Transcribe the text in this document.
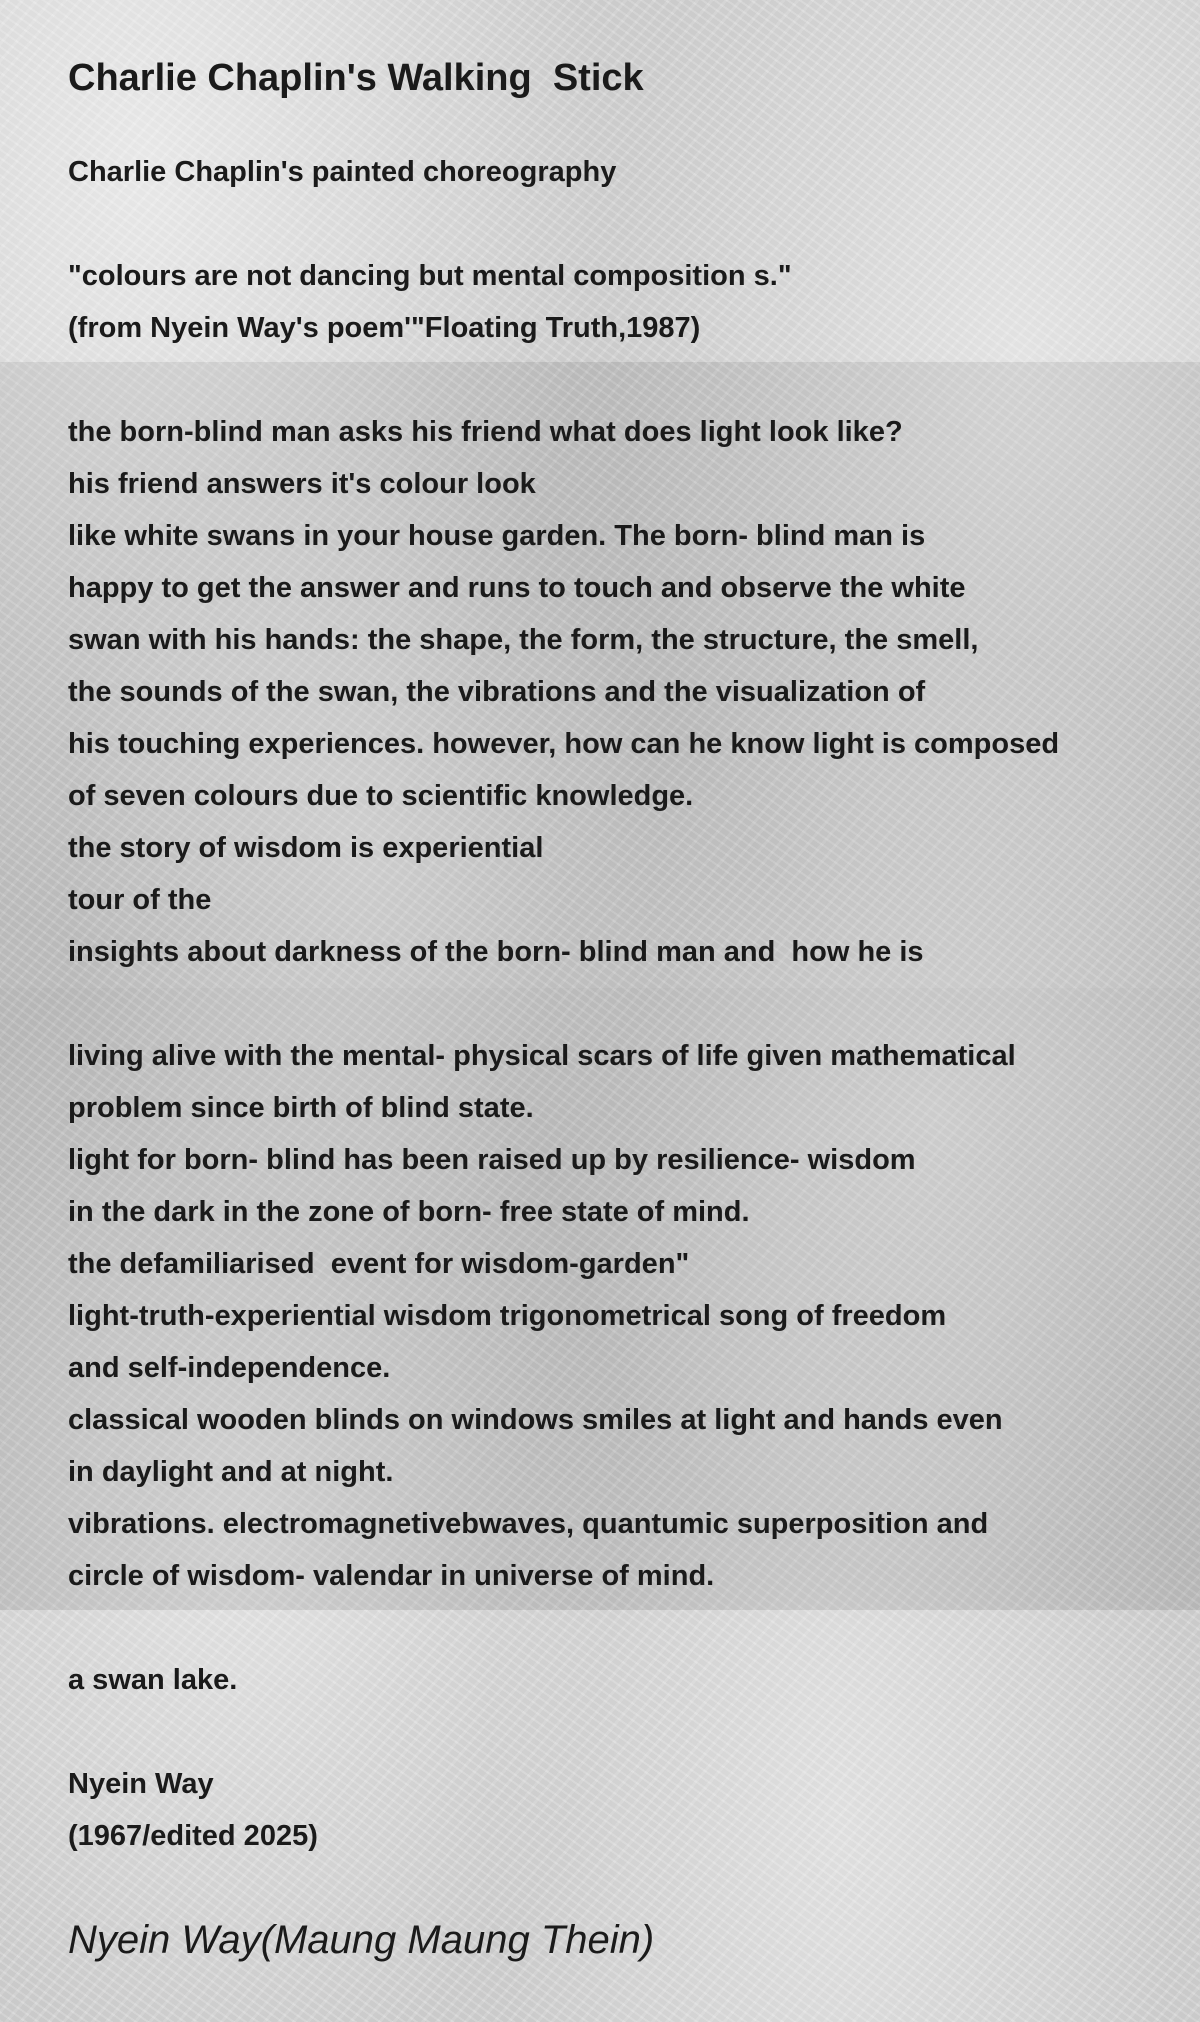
Charlie Chaplin's Walking  Stick
Charlie Chaplin's painted choreography
"colours are not dancing but mental composition s."
(from Nyein Way's poem'"Floating Truth,1987)
the born-blind man asks his friend what does light look like?
his friend answers it's colour look
like white swans in your house garden. The born- blind man is
happy to get the answer and runs to touch and observe the white
swan with his hands: the shape, the form, the structure, the smell,
the sounds of the swan, the vibrations and the visualization of
his touching experiences. however, how can he know light is composed
of seven colours due to scientific knowledge.
the story of wisdom is experiential
tour of the
insights about darkness of the born- blind man and  how he is
living alive with the mental- physical scars of life given mathematical
problem since birth of blind state.
light for born- blind has been raised up by resilience- wisdom
in the dark in the zone of born- free state of mind.
the defamiliarised  event for wisdom-garden"
light-truth-experiential wisdom trigonometrical song of freedom
and self-independence.
classical wooden blinds on windows smiles at light and hands even
in daylight and at night.
vibrations. electromagnetivebwaves, quantumic superposition and
circle of wisdom- valendar in universe of mind.
a swan lake.
Nyein Way
(1967/edited 2025)
Nyein Way(Maung Maung Thein)
